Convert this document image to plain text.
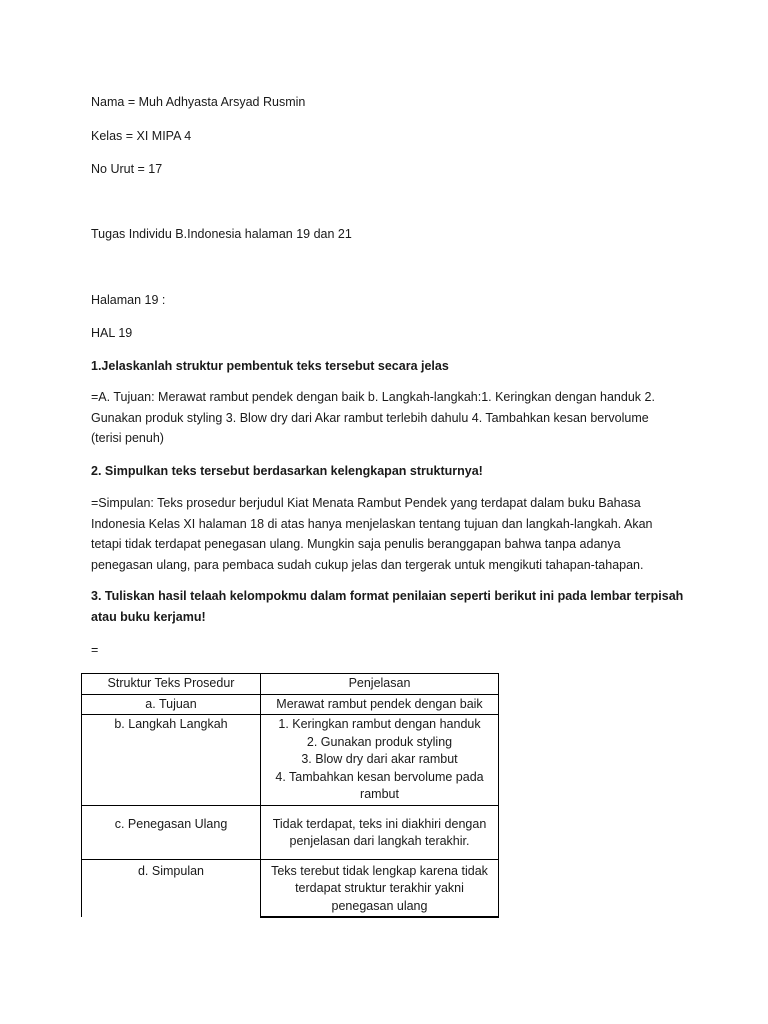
Nama = Muh Adhyasta Arsyad Rusmin
Kelas = XI MIPA 4
No Urut = 17
Tugas Individu B.Indonesia halaman 19 dan 21
Halaman 19 :
HAL 19
1.Jelaskanlah struktur pembentuk teks tersebut secara jelas
=A. Tujuan: Merawat rambut pendek dengan baik b. Langkah-langkah:1. Keringkan dengan handuk 2. Gunakan produk styling 3. Blow dry dari Akar rambut terlebih dahulu 4. Tambahkan kesan bervolume (terisi penuh)
2. Simpulkan teks tersebut berdasarkan kelengkapan strukturnya!
=Simpulan: Teks prosedur berjudul Kiat Menata Rambut Pendek yang terdapat dalam buku Bahasa Indonesia Kelas XI halaman 18 di atas hanya menjelaskan tentang tujuan dan langkah-langkah. Akan tetapi tidak terdapat penegasan ulang. Mungkin saja penulis beranggapan bahwa tanpa adanya penegasan ulang, para pembaca sudah cukup jelas dan tergerak untuk mengikuti tahapan-tahapan.
3. Tuliskan hasil telaah kelompokmu dalam format penilaian seperti berikut ini pada lembar terpisah atau buku kerjamu!
=
Struktur Teks Prosedur	Penjelasan
a. Tujuan	Merawat rambut pendek dengan baik

b. Langkah Langkah	1. Keringkan rambut dengan handuk
2. Gunakan produk styling
3. Blow dry dari akar rambut
4. Tambahkan kesan bervolume pada
rambut

c. Penegasan Ulang	Tidak terdapat, teks ini diakhiri dengan
penjelasan dari langkah terakhir.

d. Simpulan	Teks terebut tidak lengkap karena tidak
terdapat struktur terakhir yakni
penegasan ulang
